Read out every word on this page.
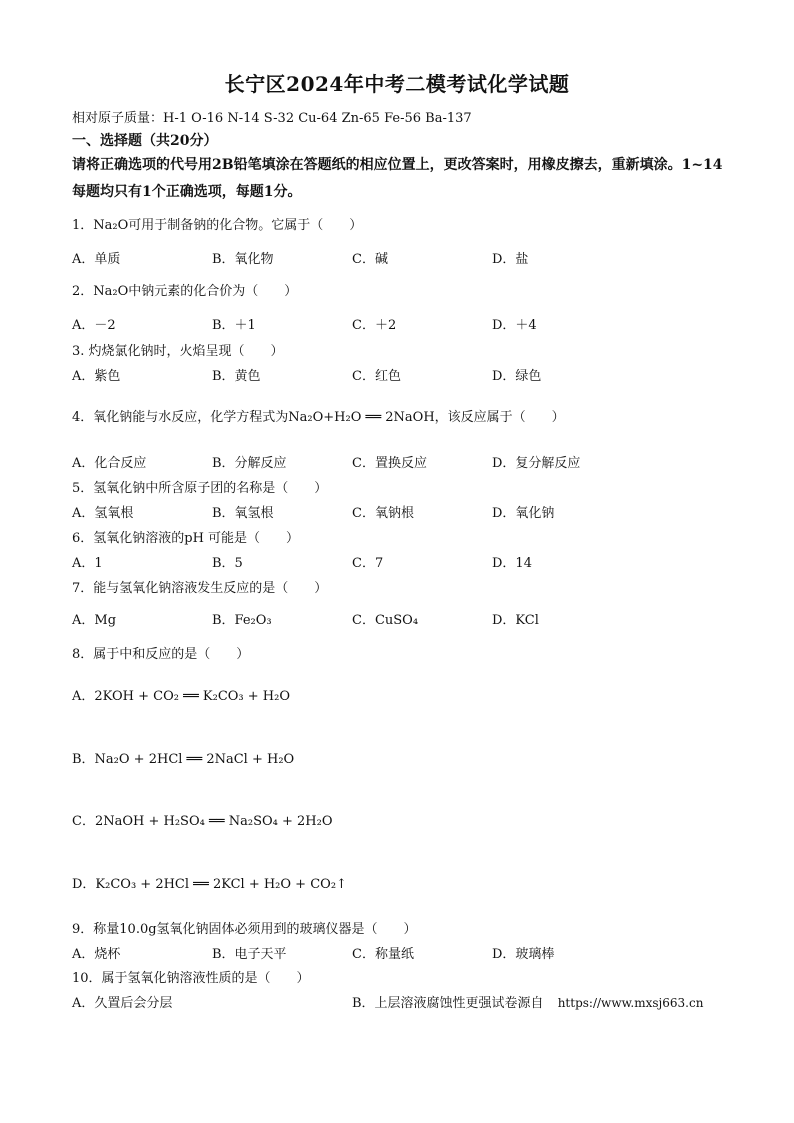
长宁区2024年中考二模考试化学试题
相对原子质量：H-1 O-16 N-14 S-32 Cu-64 Zn-65 Fe-56 Ba-137
一、选择题（共20分）
请将正确选项的代号用2B铅笔填涂在答题纸的相应位置上，更改答案时，用橡皮擦去，重新填涂。1~14每题均只有1个正确选项，每题1分。
1．Na₂O可用于制备钠的化合物。它属于（　　）
A．单质	B．氧化物	C．碱	D．盐
2．Na₂O中钠元素的化合价为（　　）
A．－2	B．＋1	C．＋2	D．＋4
3. 灼烧氯化钠时，火焰呈现（　　）
A．紫色	B．黄色	C．红色	D．绿色
4．氧化钠能与水反应，化学方程式为Na₂O+H₂O ══ 2NaOH，该反应属于（　　）
A．化合反应	B．分解反应	C．置换反应	D．复分解反应
5．氢氧化钠中所含原子团的名称是（　　）
A．氢氧根	B．氧氢根	C．氧钠根	D．氧化钠
6．氢氧化钠溶液的pH 可能是（　　）
A．1	B．5	C．7	D．14
7．能与氢氧化钠溶液发生反应的是（　　）
A．Mg	B．Fe₂O₃	C．CuSO₄	D．KCl
8．属于中和反应的是（　　）
A．2KOH + CO₂ ══ K₂CO₃ + H₂O
B．Na₂O + 2HCl ══ 2NaCl + H₂O
C．2NaOH + H₂SO₄ ══ Na₂SO₄ + 2H₂O
D．K₂CO₃ + 2HCl ══ 2KCl + H₂O + CO₂↑
9．称量10.0g氢氧化钠固体必须用到的玻璃仪器是（　　）
A．烧杯	B．电子天平	C．称量纸	D．玻璃棒
10．属于氢氧化钠溶液性质的是（　　）
A．久置后会分层	B．上层溶液腐蚀性更强试卷源自 https://www.mxsj663.cn
